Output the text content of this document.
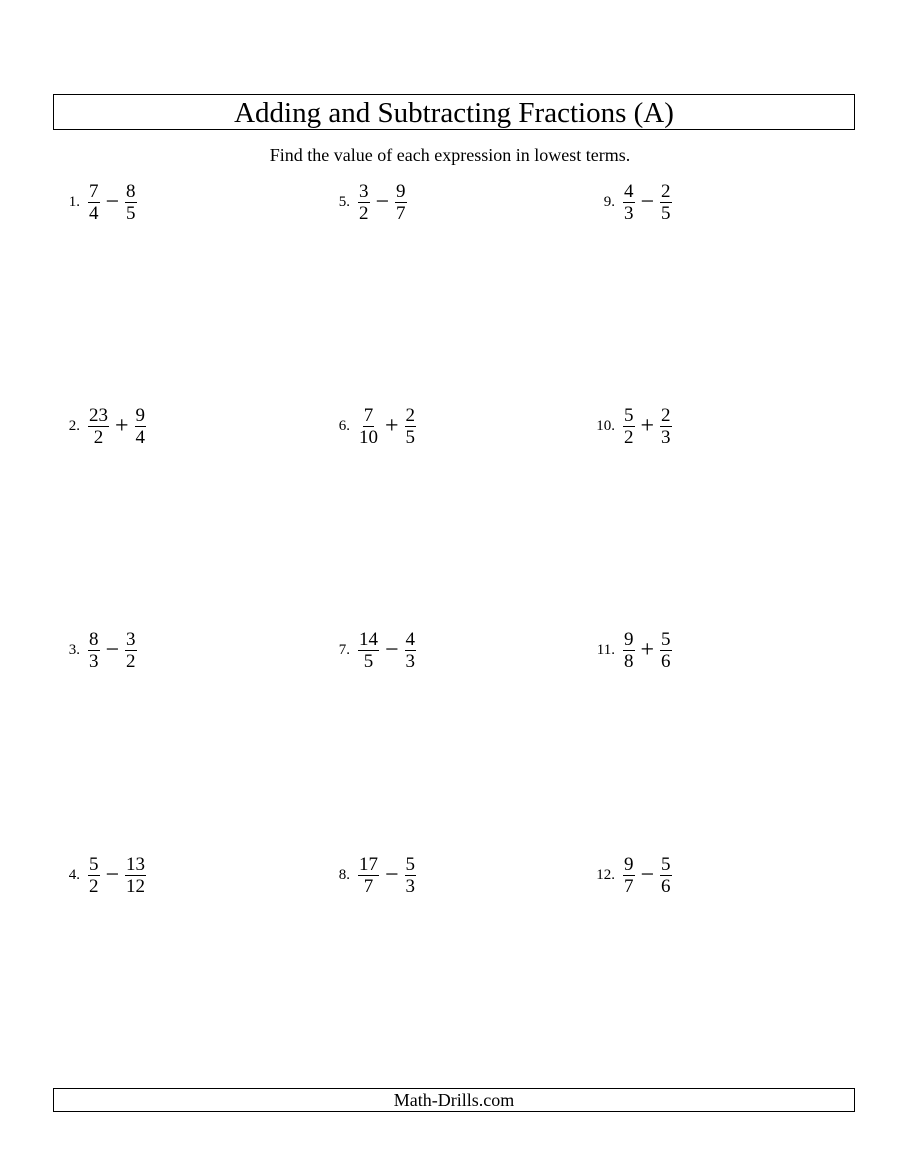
Adding and Subtracting Fractions (A)
Find the value of each expression in lowest terms.
1. $\frac{7}{4} - \frac{8}{5}$
2. $\frac{23}{2} + \frac{9}{4}$
3. $\frac{8}{3} - \frac{3}{2}$
4. $\frac{5}{2} - \frac{13}{12}$
5. $\frac{3}{2} - \frac{9}{7}$
6. $\frac{7}{10} + \frac{2}{5}$
7. $\frac{14}{5} - \frac{4}{3}$
8. $\frac{17}{7} - \frac{5}{3}$
9. $\frac{4}{3} - \frac{2}{5}$
10. $\frac{5}{2} + \frac{2}{3}$
11. $\frac{9}{8} + \frac{5}{6}$
12. $\frac{9}{7} - \frac{5}{6}$
Math-Drills.com
